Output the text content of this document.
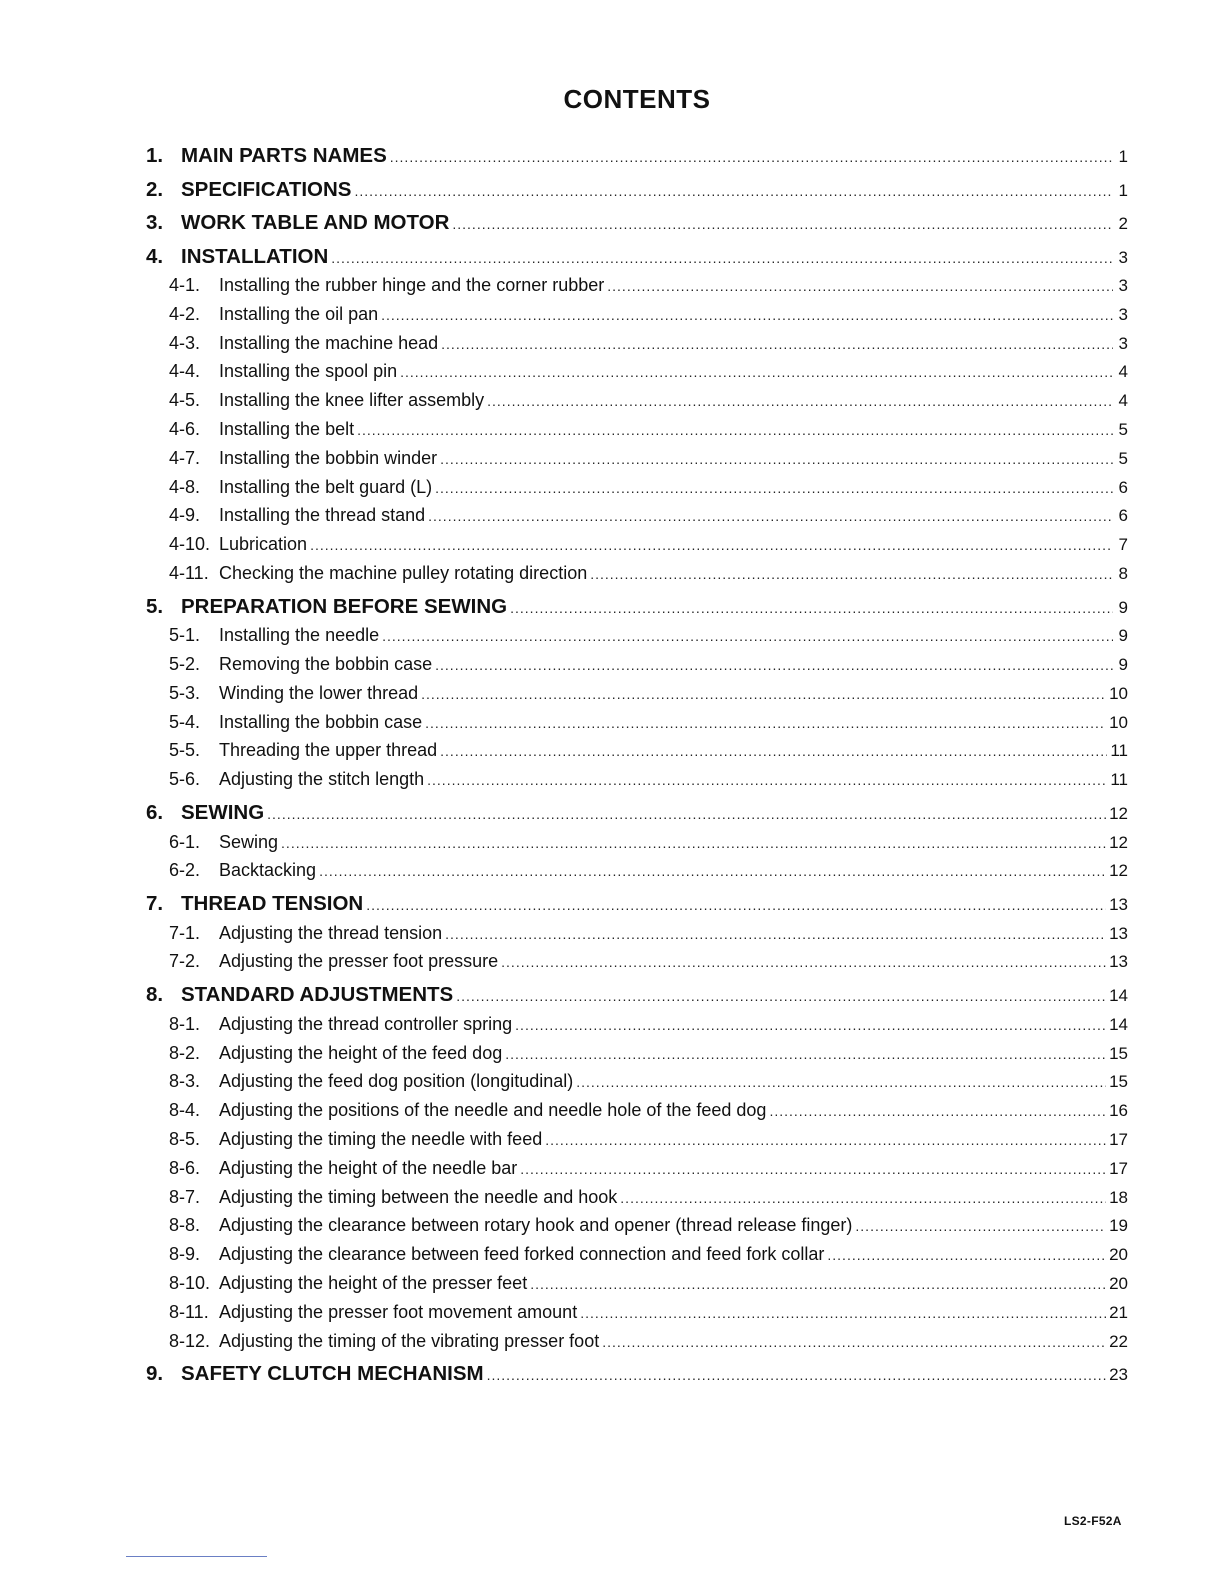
CONTENTS
1. MAIN PARTS NAMES .....	1
2. SPECIFICATIONS .....	1
3. WORK TABLE AND MOTOR .....	2
4. INSTALLATION .....	3
4-1.	Installing the rubber hinge and the corner rubber .....	3
4-2.	Installing the oil pan .....	3
4-3.	Installing the machine head .....	3
4-4.	Installing the spool pin .....	4
4-5.	Installing the knee lifter assembly .....	4
4-6.	Installing the belt .....	5
4-7.	Installing the bobbin winder .....	5
4-8.	Installing the belt guard (L) .....	6
4-9.	Installing the thread stand .....	6
4-10. Lubrication .....	7
4-11. Checking the machine pulley rotating direction .....	8
5. PREPARATION BEFORE SEWING .....	9
5-1.	Installing the needle .....	9
5-2.	Removing the bobbin case .....	9
5-3.	Winding the lower thread .....	10
5-4.	Installing the bobbin case .....	10
5-5.	Threading the upper thread .....	11
5-6.	Adjusting the stitch length .....	11
6. SEWING .....	12
6-1.	Sewing .....	12
6-2.	Backtacking .....	12
7. THREAD TENSION .....	13
7-1.	Adjusting the thread tension .....	13
7-2.	Adjusting the presser foot pressure .....	13
8. STANDARD ADJUSTMENTS .....	14
8-1.	Adjusting the thread controller spring .....	14
8-2.	Adjusting the height of the feed dog .....	15
8-3.	Adjusting the feed dog position (longitudinal) .....	15
8-4.	Adjusting the positions of the needle and needle hole of the feed dog .....	16
8-5.	Adjusting the timing the needle with feed .....	17
8-6.	Adjusting the height of the needle bar .....	17
8-7.	Adjusting the timing between the needle and hook .....	18
8-8.	Adjusting the clearance between rotary hook and opener (thread release finger) .....	19
8-9.	Adjusting the clearance between feed forked connection and feed fork collar .....	20
8-10. Adjusting the height of the presser feet .....	20
8-11. Adjusting the presser foot movement amount .....	21
8-12. Adjusting the timing of the vibrating presser foot .....	22
9. SAFETY CLUTCH MECHANISM .....	23
LS2-F52A
